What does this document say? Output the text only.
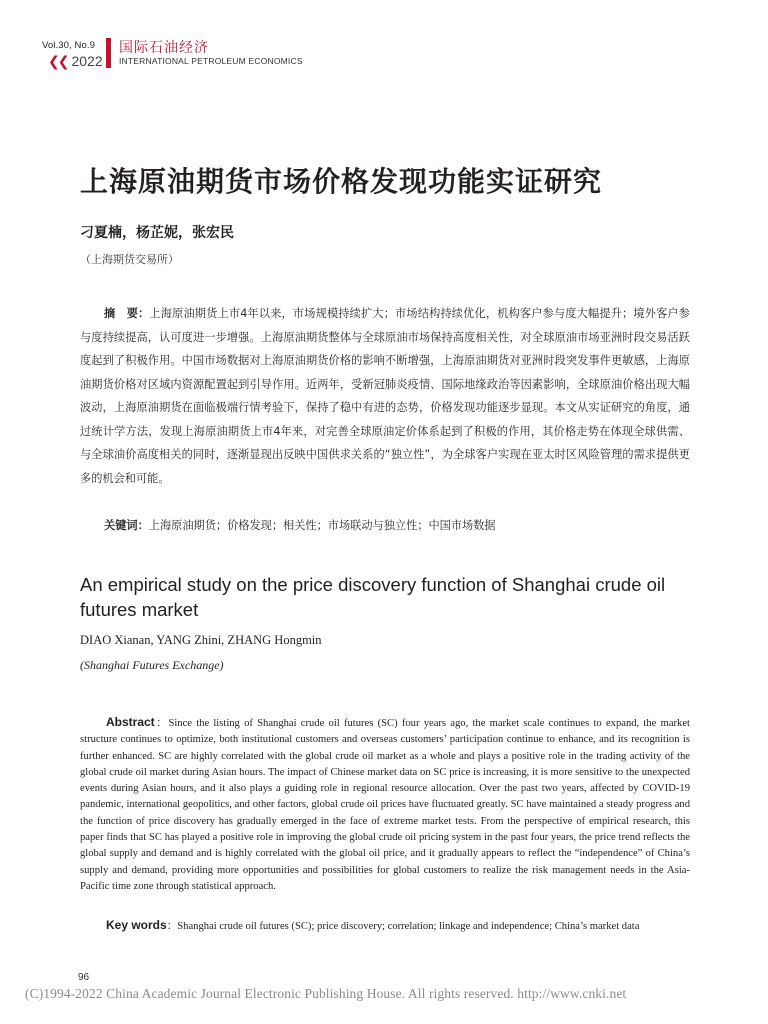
Vol.30, No.9
❮❮ 2022
国际石油经济
INTERNATIONAL PETROLEUM ECONOMICS
上海原油期货市场价格发现功能实证研究
刁夏楠，杨芷妮，张宏民
（上海期货交易所）
摘　要：上海原油期货上市4年以来，市场规模持续扩大；市场结构持续优化，机构客户参与度大幅提升；境外客户参与度持续提高，认可度进一步增强。上海原油期货整体与全球原油市场保持高度相关性，对全球原油市场亚洲时段交易活跃度起到了积极作用。中国市场数据对上海原油期货价格的影响不断增强，上海原油期货对亚洲时段突发事件更敏感，上海原油期货价格对区域内资源配置起到引导作用。近两年，受新冠肺炎疫情、国际地缘政治等因素影响，全球原油价格出现大幅波动，上海原油期货在面临极端行情考验下，保持了稳中有进的态势，价格发现功能逐步显现。本文从实证研究的角度，通过统计学方法，发现上海原油期货上市4年来，对完善全球原油定价体系起到了积极的作用，其价格走势在体现全球供需、与全球油价高度相关的同时，逐渐显现出反映中国供求关系的“独立性”，为全球客户实现在亚太时区风险管理的需求提供更多的机会和可能。
关键词：上海原油期货；价格发现；相关性；市场联动与独立性；中国市场数据
An empirical study on the price discovery function of Shanghai crude oil futures market
DIAO Xianan, YANG Zhini, ZHANG Hongmin
(Shanghai Futures Exchange)
Abstract：Since the listing of Shanghai crude oil futures (SC) four years ago, the market scale continues to expand, the market structure continues to optimize, both institutional customers and overseas customers’ participation continue to enhance, and its recognition is further enhanced. SC are highly correlated with the global crude oil market as a whole and plays a positive role in the trading activity of the global crude oil market during Asian hours. The impact of Chinese market data on SC price is increasing, it is more sensitive to the unexpected events during Asian hours, and it also plays a guiding role in regional resource allocation. Over the past two years, affected by COVID-19 pandemic, international geopolitics, and other factors, global crude oil prices have fluctuated greatly. SC have maintained a steady progress and the function of price discovery has gradually emerged in the face of extreme market tests. From the perspective of empirical research, this paper finds that SC has played a positive role in improving the global crude oil pricing system in the past four years, the price trend reflects the global supply and demand and is highly correlated with the global oil price, and it gradually appears to reflect the “independence” of China’s supply and demand, providing more opportunities and possibilities for global customers to realize the risk management needs in the Asia-Pacific time zone through statistical approach.
Key words：Shanghai crude oil futures (SC); price discovery; correlation; linkage and independence; China’s market data
96
(C)1994-2022 China Academic Journal Electronic Publishing House. All rights reserved. http://www.cnki.net
